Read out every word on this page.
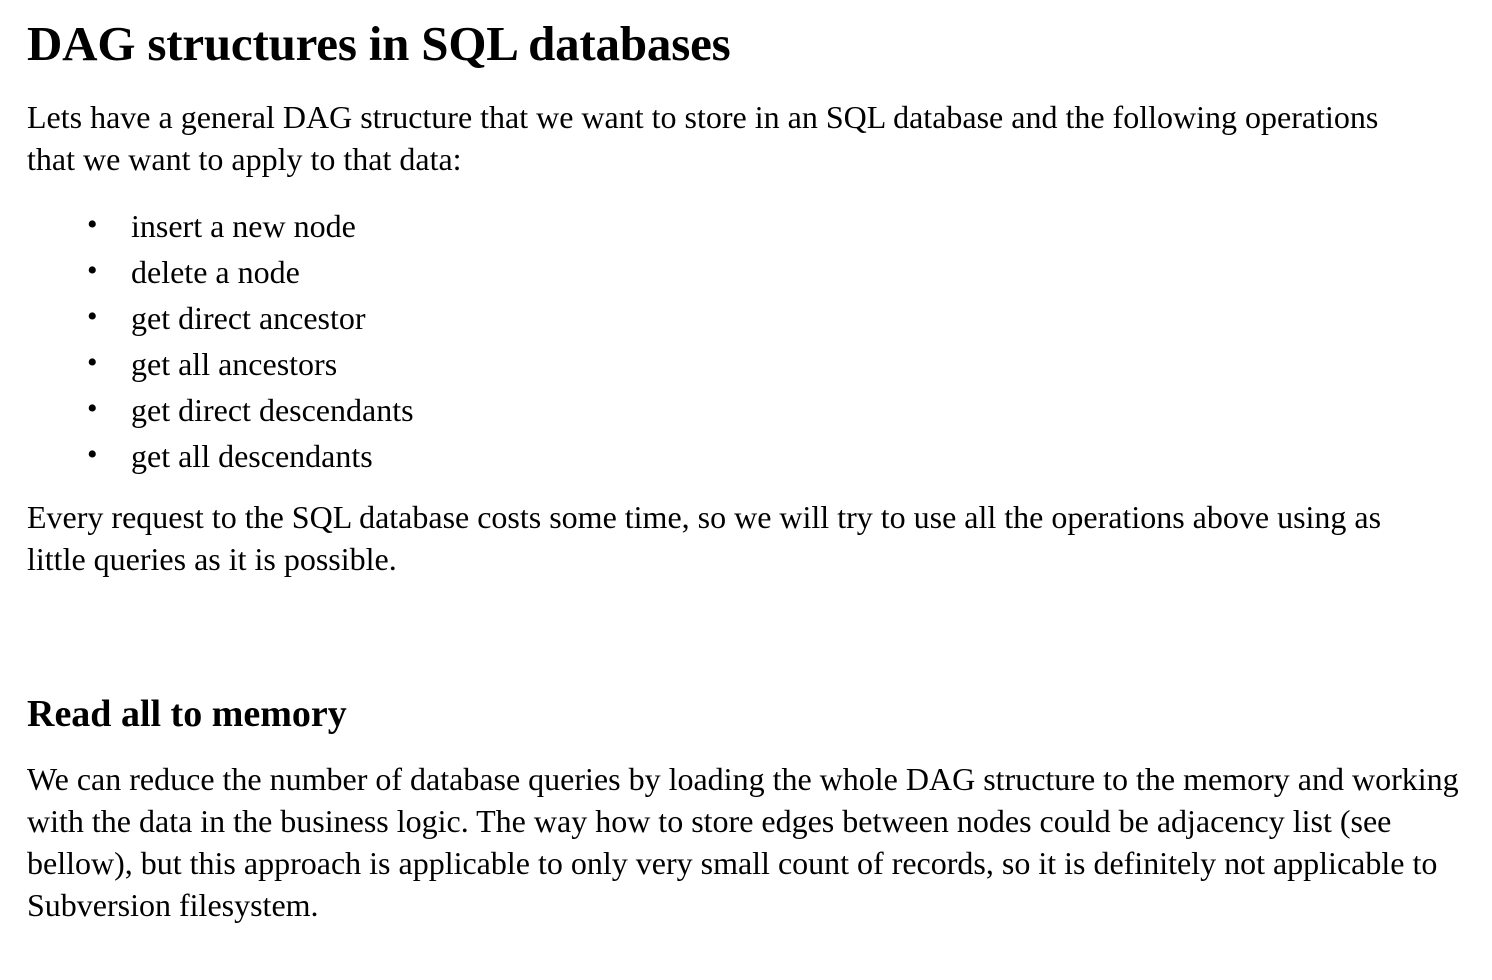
DAG structures in SQL databases

Lets have a general DAG structure that we want to store in an SQL database and the following operations that we want to apply to that data:

• insert a new node
• delete a node
• get direct ancestor
• get all ancestors
• get direct descendants
• get all descendants

Every request to the SQL database costs some time, so we will try to use all the operations above using as little queries as it is possible.

Read all to memory

We can reduce the number of database queries by loading the whole DAG structure to the memory and working with the data in the business logic. The way how to store edges between nodes could be adjacency list (see bellow), but this approach is applicable to only very small count of records, so it is definitely not applicable to Subversion filesystem.
